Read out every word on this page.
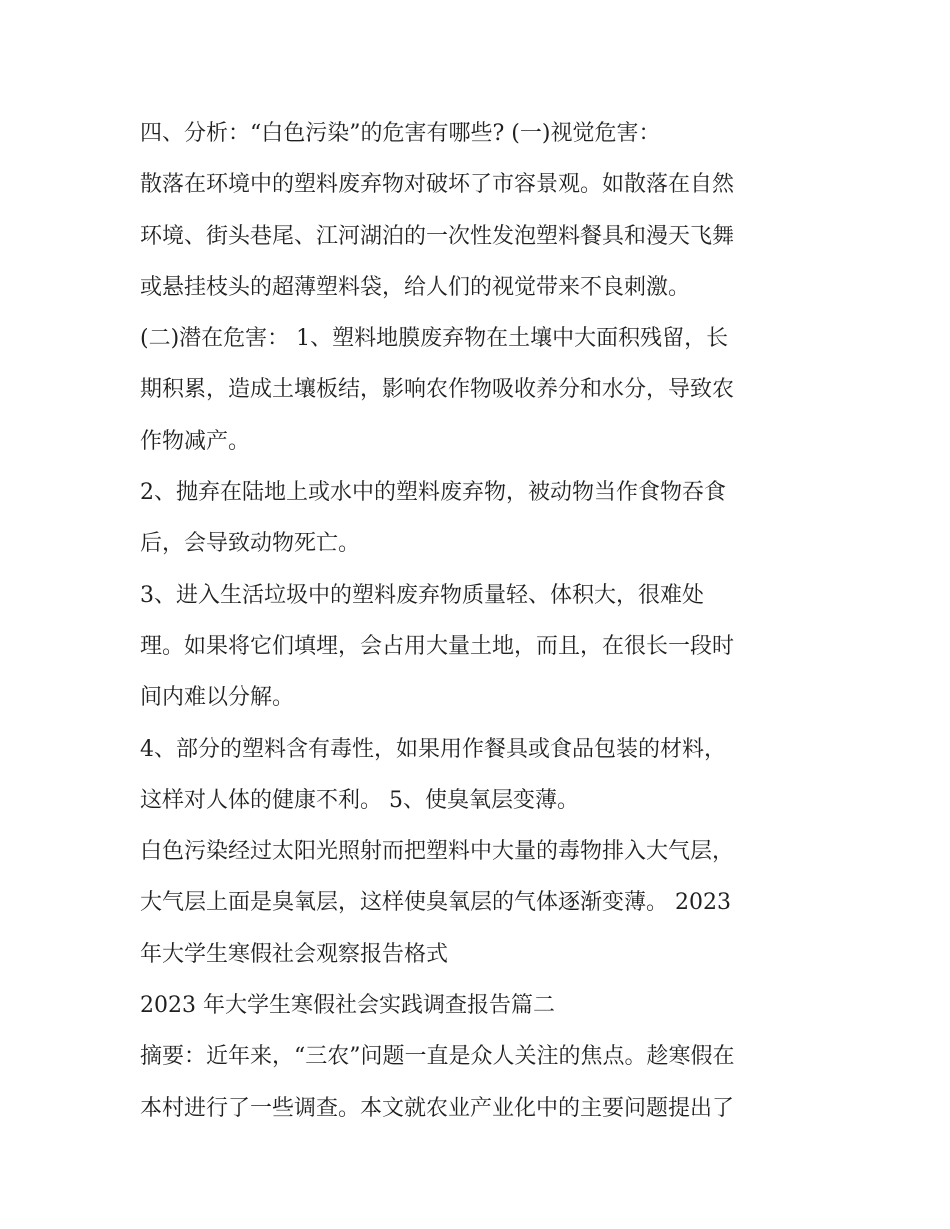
四、分析：“白色污染”的危害有哪些? (一)视觉危害：
散落在环境中的塑料废弃物对破坏了市容景观。如散落在自然
环境、街头巷尾、江河湖泊的一次性发泡塑料餐具和漫天飞舞
或悬挂枝头的超薄塑料袋，给人们的视觉带来不良刺激。
(二)潜在危害： 1、塑料地膜废弃物在土壤中大面积残留，长
期积累，造成土壤板结，影响农作物吸收养分和水分，导致农
作物减产。
2、抛弃在陆地上或水中的塑料废弃物，被动物当作食物吞食
后，会导致动物死亡。
3、进入生活垃圾中的塑料废弃物质量轻、体积大，很难处
理。如果将它们填埋，会占用大量土地，而且，在很长一段时
间内难以分解。
4、部分的塑料含有毒性，如果用作餐具或食品包装的材料，
这样对人体的健康不利。 5、使臭氧层变薄。
白色污染经过太阳光照射而把塑料中大量的毒物排入大气层，
大气层上面是臭氧层，这样使臭氧层的气体逐渐变薄。 2023
年大学生寒假社会观察报告格式
2023 年大学生寒假社会实践调查报告篇二
摘要：近年来，“三农”问题一直是众人关注的焦点。趁寒假在
本村进行了一些调查。本文就农业产业化中的主要问题提出了
